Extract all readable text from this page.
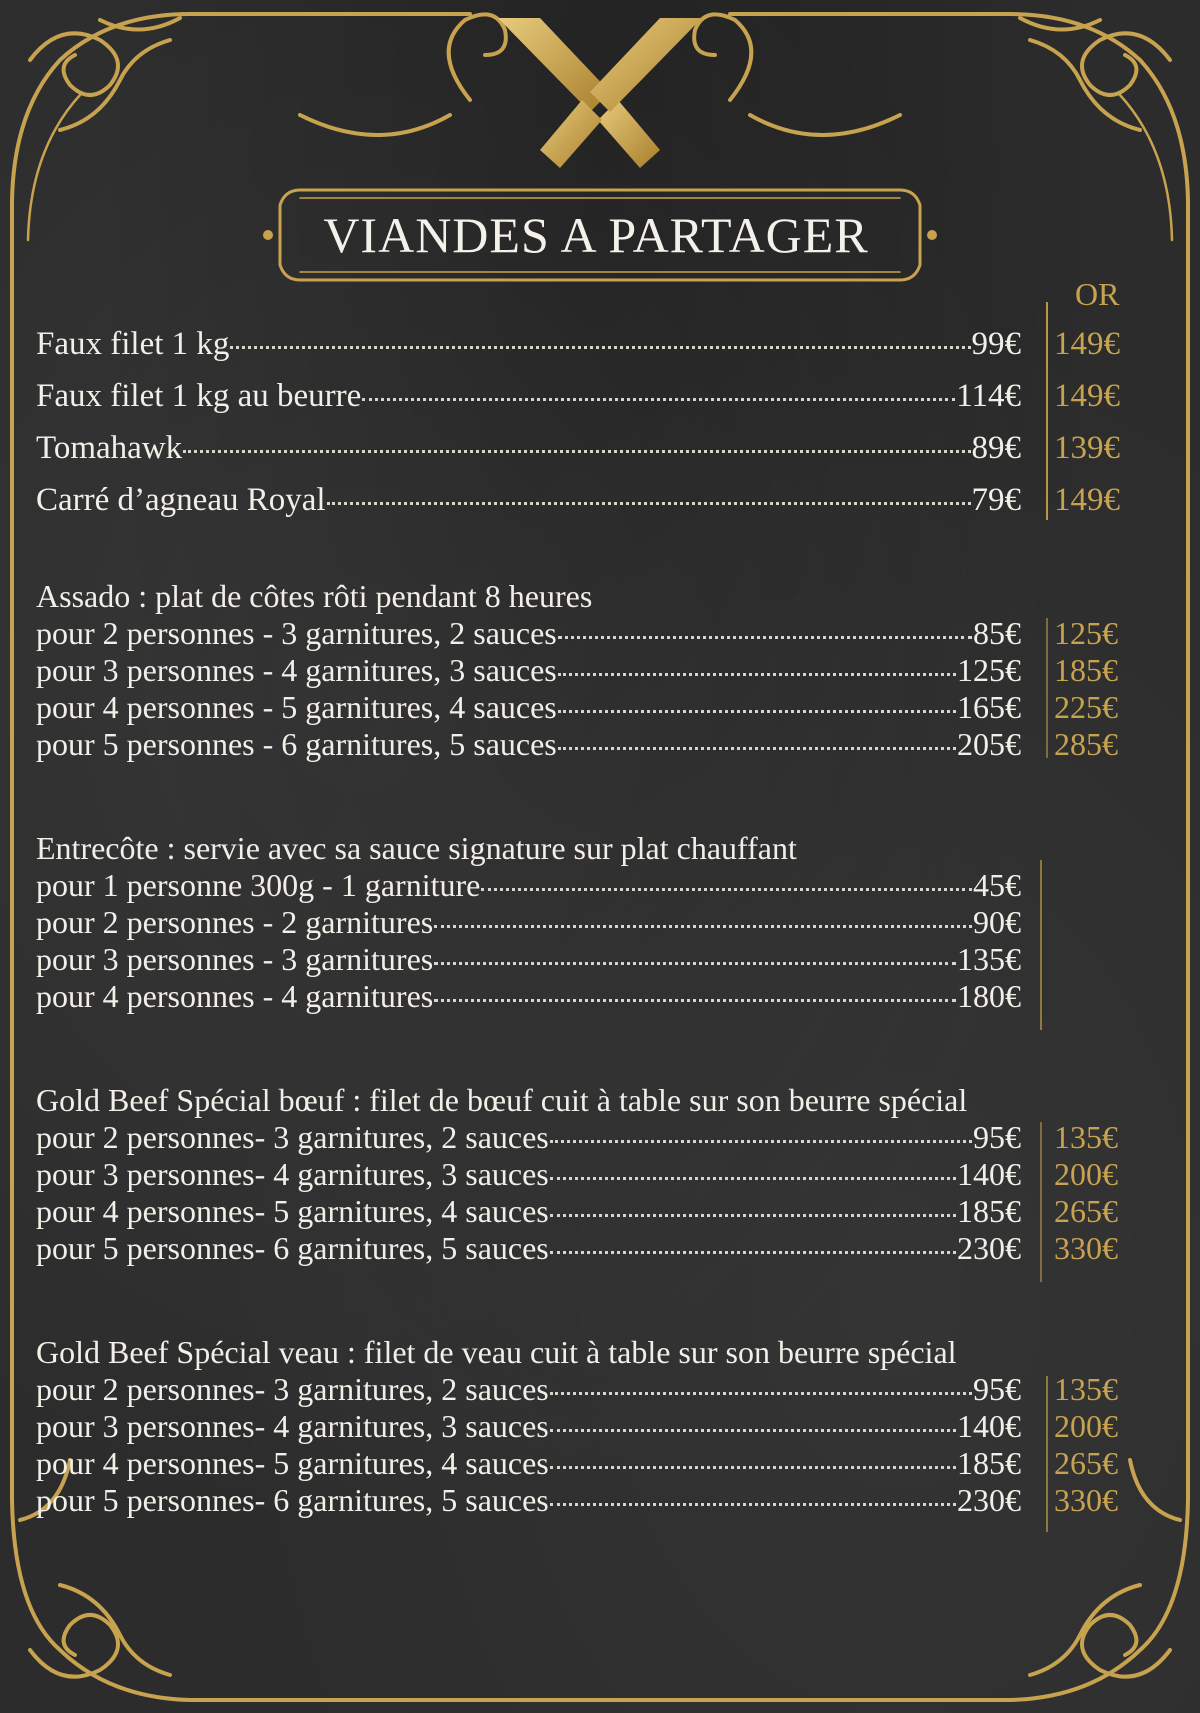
VIANDES A PARTAGER
OR
Faux filet 1 kg	99€ 149€
Faux filet 1 kg au beurre	114€ 149€
Tomahawk	89€ 139€
Carré d’agneau Royal	79€ 149€
Assado : plat de côtes rôti pendant 8 heures
pour 2 personnes - 3 garnitures, 2 sauces	85€ 125€
pour 3 personnes - 4 garnitures, 3 sauces	125€ 185€
pour 4 personnes - 5 garnitures, 4 sauces	165€ 225€
pour 5 personnes - 6 garnitures, 5 sauces	205€ 285€
Entrecôte : servie avec sa sauce signature sur plat chauffant
pour 1 personne 300g - 1 garniture	45€
pour 2 personnes - 2 garnitures	90€
pour 3 personnes - 3 garnitures	135€
pour 4 personnes - 4 garnitures	180€
Gold Beef Spécial bœuf : filet de bœuf cuit à table sur son beurre spécial
pour 2 personnes- 3 garnitures, 2 sauces	95€ 135€
pour 3 personnes- 4 garnitures, 3 sauces	140€ 200€
pour 4 personnes- 5 garnitures, 4 sauces	185€ 265€
pour 5 personnes- 6 garnitures, 5 sauces	230€ 330€
Gold Beef Spécial veau : filet de veau cuit à table sur son beurre spécial
pour 2 personnes- 3 garnitures, 2 sauces	95€ 135€
pour 3 personnes- 4 garnitures, 3 sauces	140€ 200€
pour 4 personnes- 5 garnitures, 4 sauces	185€ 265€
pour 5 personnes- 6 garnitures, 5 sauces	230€ 330€
